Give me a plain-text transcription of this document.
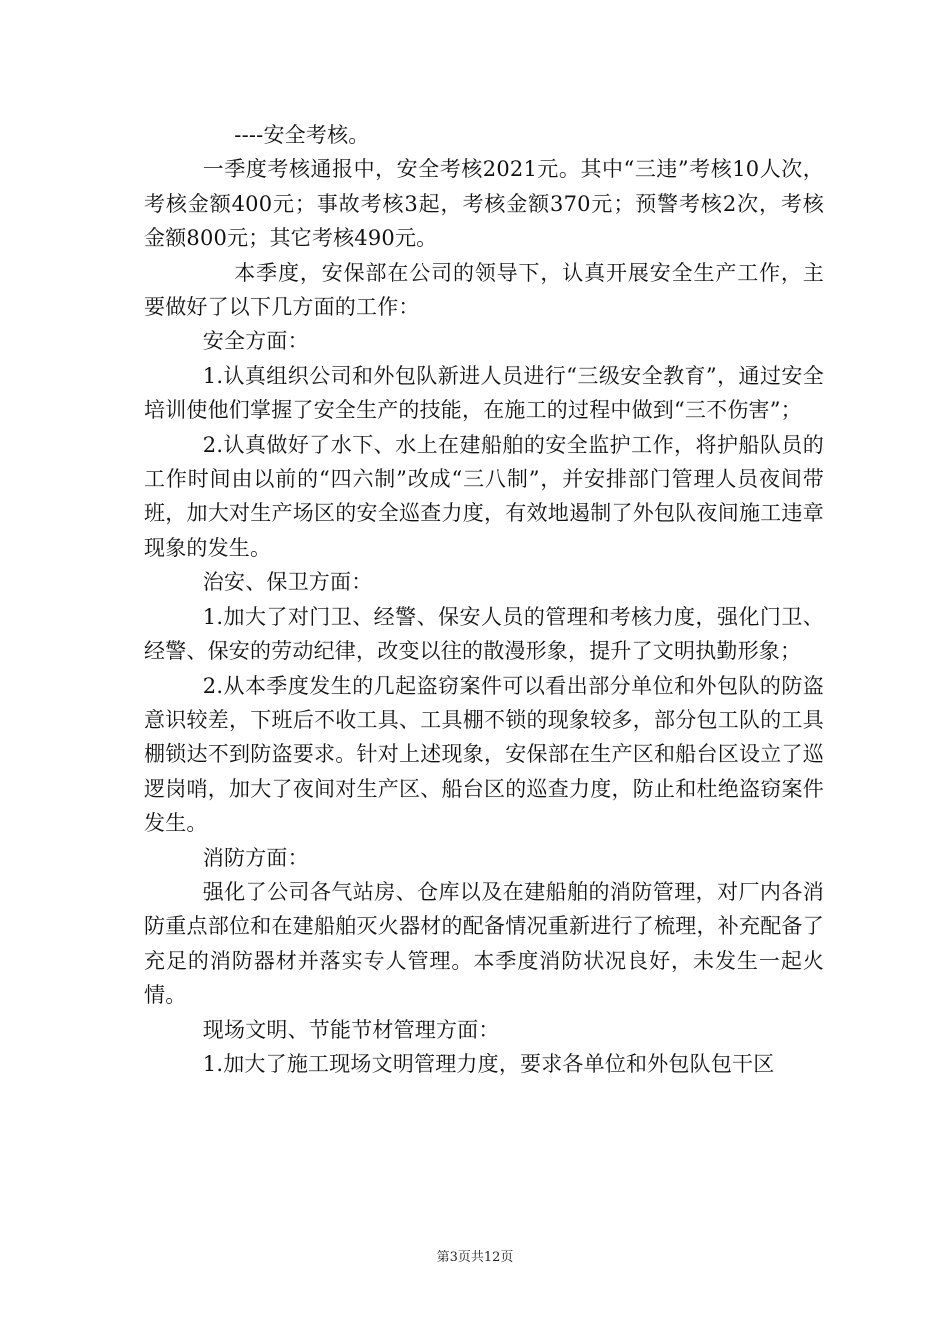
----安全考核。

一季度考核通报中，安全考核2021元。其中“三违”考核10人次，考核金额400元；事故考核3起，考核金额370元；预警考核2次，考核金额800元；其它考核490元。

本季度，安保部在公司的领导下，认真开展安全生产工作，主要做好了以下几方面的工作：

安全方面：

1.认真组织公司和外包队新进人员进行“三级安全教育”，通过安全培训使他们掌握了安全生产的技能，在施工的过程中做到“三不伤害”；

2.认真做好了水下、水上在建船舶的安全监护工作，将护船队员的工作时间由以前的“四六制”改成“三八制”，并安排部门管理人员夜间带班，加大对生产场区的安全巡查力度，有效地遏制了外包队夜间施工违章现象的发生。

治安、保卫方面：

1.加大了对门卫、经警、保安人员的管理和考核力度，强化门卫、经警、保安的劳动纪律，改变以往的散漫形象，提升了文明执勤形象；

2.从本季度发生的几起盗窃案件可以看出部分单位和外包队的防盗意识较差，下班后不收工具、工具棚不锁的现象较多，部分包工队的工具棚锁达不到防盗要求。针对上述现象，安保部在生产区和船台区设立了巡逻岗哨，加大了夜间对生产区、船台区的巡查力度，防止和杜绝盗窃案件发生。

消防方面：

强化了公司各气站房、仓库以及在建船舶的消防管理，对厂内各消防重点部位和在建船舶灭火器材的配备情况重新进行了梳理，补充配备了充足的消防器材并落实专人管理。本季度消防状况良好，未发生一起火情。

现场文明、节能节材管理方面：

1.加大了施工现场文明管理力度，要求各单位和外包队包干区

第3页共12页
